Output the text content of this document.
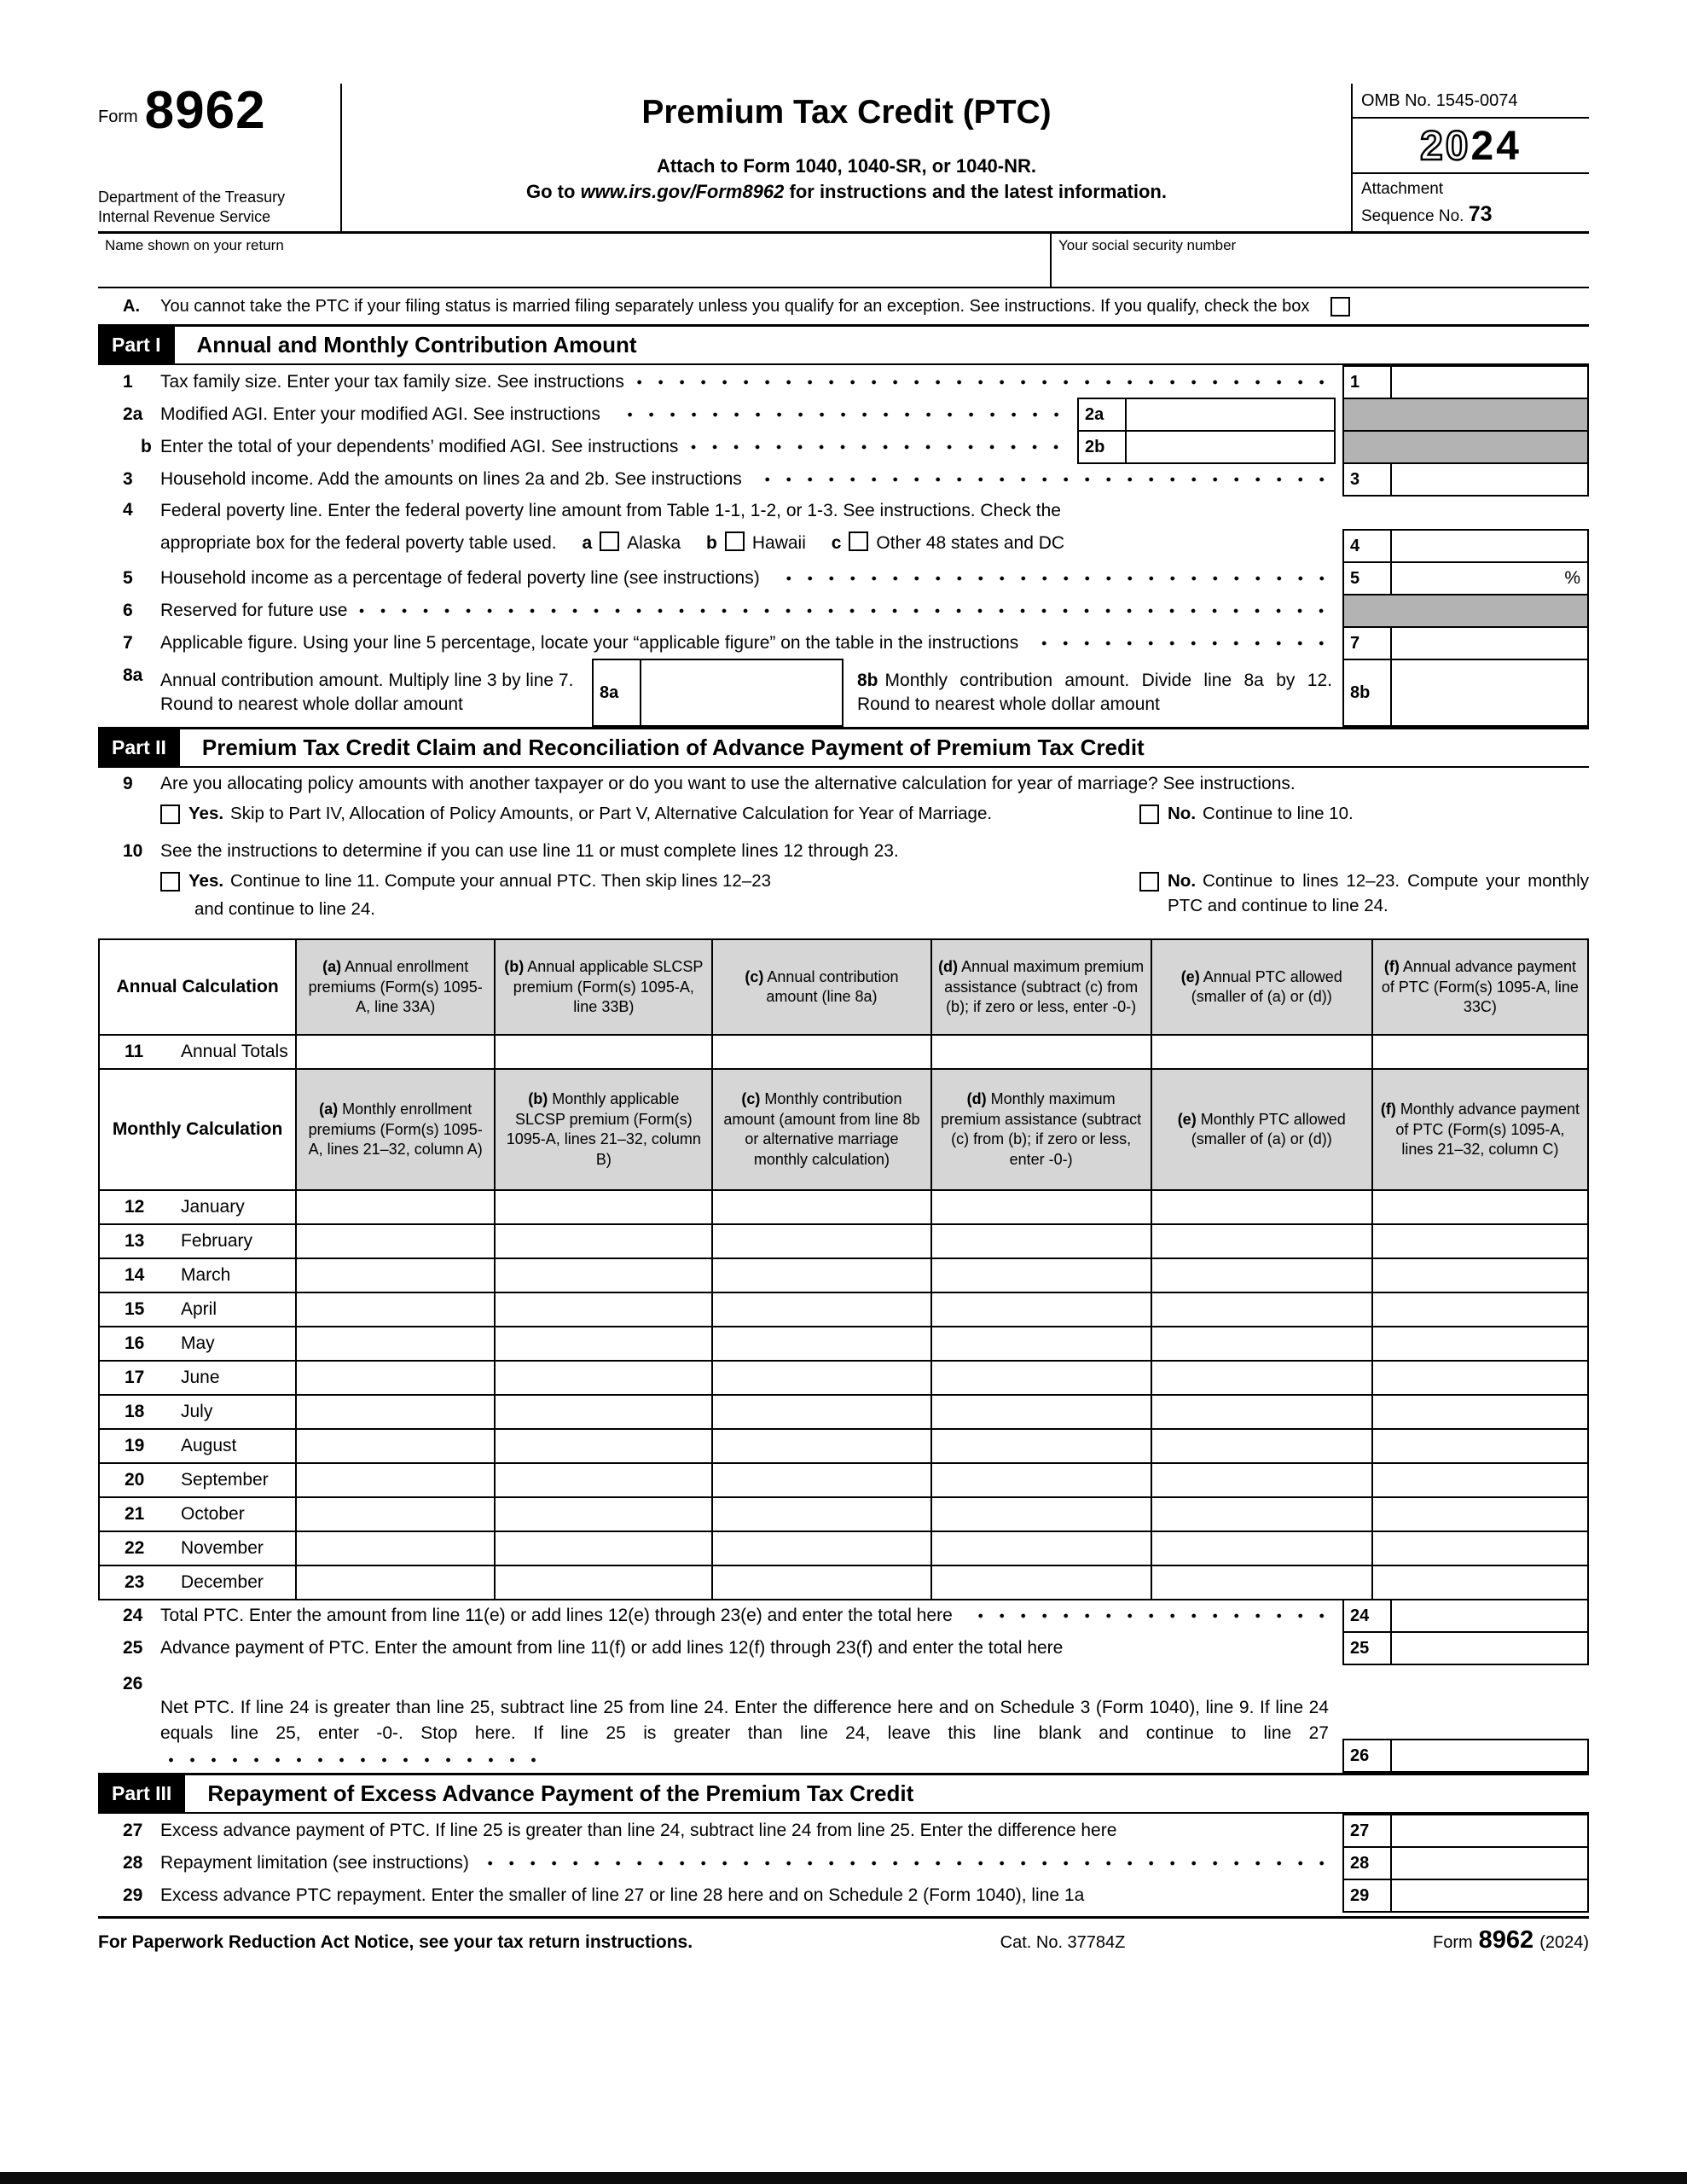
Form 8962
Department of the Treasury
Internal Revenue Service
Premium Tax Credit (PTC)
Attach to Form 1040, 1040-SR, or 1040-NR.
Go to www.irs.gov/Form8962 for instructions and the latest information.
OMB No. 1545-0074
2024
Attachment
Sequence No. 73
Name shown on your return	Your social security number
A.	You cannot take the PTC if your filing status is married filing separately unless you qualify for an exception. See instructions. If you qualify, check the box
Part I	Annual and Monthly Contribution Amount
1	Tax family size. Enter your tax family size. See instructions	1
2a Modified AGI. Enter your modified AGI. See instructions	2a
b Enter the total of your dependents’ modified AGI. See instructions	2b
3	Household income. Add the amounts on lines 2a and 2b. See instructions	3
4	Federal poverty line. Enter the federal poverty line amount from Table 1-1, 1-2, or 1-3. See instructions. Check the
appropriate box for the federal poverty table used. a Alaska b Hawaii c Other 48 states and DC	4
5	Household income as a percentage of federal poverty line (see instructions)	5	%
6	Reserved for future use
7	Applicable figure. Using your line 5 percentage, locate your “applicable figure” on the table in the instructions	7
8a Annual contribution amount. Multiply line 3 by line 7. Round to nearest whole dollar amount
8a
8b Monthly contribution amount. Divide line 8a by 12. Round to nearest whole dollar amount
8b
Part II	Premium Tax Credit Claim and Reconciliation of Advance Payment of Premium Tax Credit
9	Are you allocating policy amounts with another taxpayer or do you want to use the alternative calculation for year of marriage? See instructions.
Yes. Skip to Part IV, Allocation of Policy Amounts, or Part V, Alternative Calculation for Year of Marriage.	No. Continue to line 10.
10 See the instructions to determine if you can use line 11 or must complete lines 12 through 23.
Yes. Continue to line 11. Compute your annual PTC. Then skip lines 12–23
and continue to line 24.
No. Continue to lines 12–23. Compute your monthly PTC and continue to line 24.
Annual Calculation	(a) Annual enrollment premiums (Form(s) 1095-A, line 33A)	(b) Annual applicable SLCSP premium (Form(s) 1095-A, line 33B)	(c) Annual contribution amount (line 8a)	(d) Annual maximum premium assistance (subtract (c) from (b); if zero or less, enter -0-)	(e) Annual PTC allowed (smaller of (a) or (d))	(f) Annual advance payment of PTC (Form(s) 1095-A, line 33C)
11 Annual Totals						
Monthly Calculation	(a) Monthly enrollment premiums (Form(s) 1095-A, lines 21–32, column A)	(b) Monthly applicable SLCSP premium (Form(s) 1095-A, lines 21–32, column B)	(c) Monthly contribution amount (amount from line 8b or alternative marriage monthly calculation)	(d) Monthly maximum premium assistance (subtract (c) from (b); if zero or less, enter -0-)	(e) Monthly PTC allowed (smaller of (a) or (d))	(f) Monthly advance payment of PTC (Form(s) 1095-A, lines 21–32, column C)
12 January						
13 February						
14 March						
15 April						
16 May						
17 June						
18 July						
19 August						
20 September						
21 October						
22 November						
23 December						
24 Total PTC. Enter the amount from line 11(e) or add lines 12(e) through 23(e) and enter the total here	24
25 Advance payment of PTC. Enter the amount from line 11(f) or add lines 12(f) through 23(f) and enter the total here	25
26
Net PTC. If line 24 is greater than line 25, subtract line 25 from line 24. Enter the difference here and on Schedule 3 (Form 1040), line 9. If line 24 equals line 25, enter -0-. Stop here. If line 25 is greater than line 24, leave this line blank and continue to line 27
26
Part III	Repayment of Excess Advance Payment of the Premium Tax Credit
27 Excess advance payment of PTC. If line 25 is greater than line 24, subtract line 24 from line 25. Enter the difference here	27
28 Repayment limitation (see instructions)	28
29 Excess advance PTC repayment. Enter the smaller of line 27 or line 28 here and on Schedule 2 (Form 1040), line 1a	29
For Paperwork Reduction Act Notice, see your tax return instructions.	Cat. No. 37784Z	Form 8962 (2024)
